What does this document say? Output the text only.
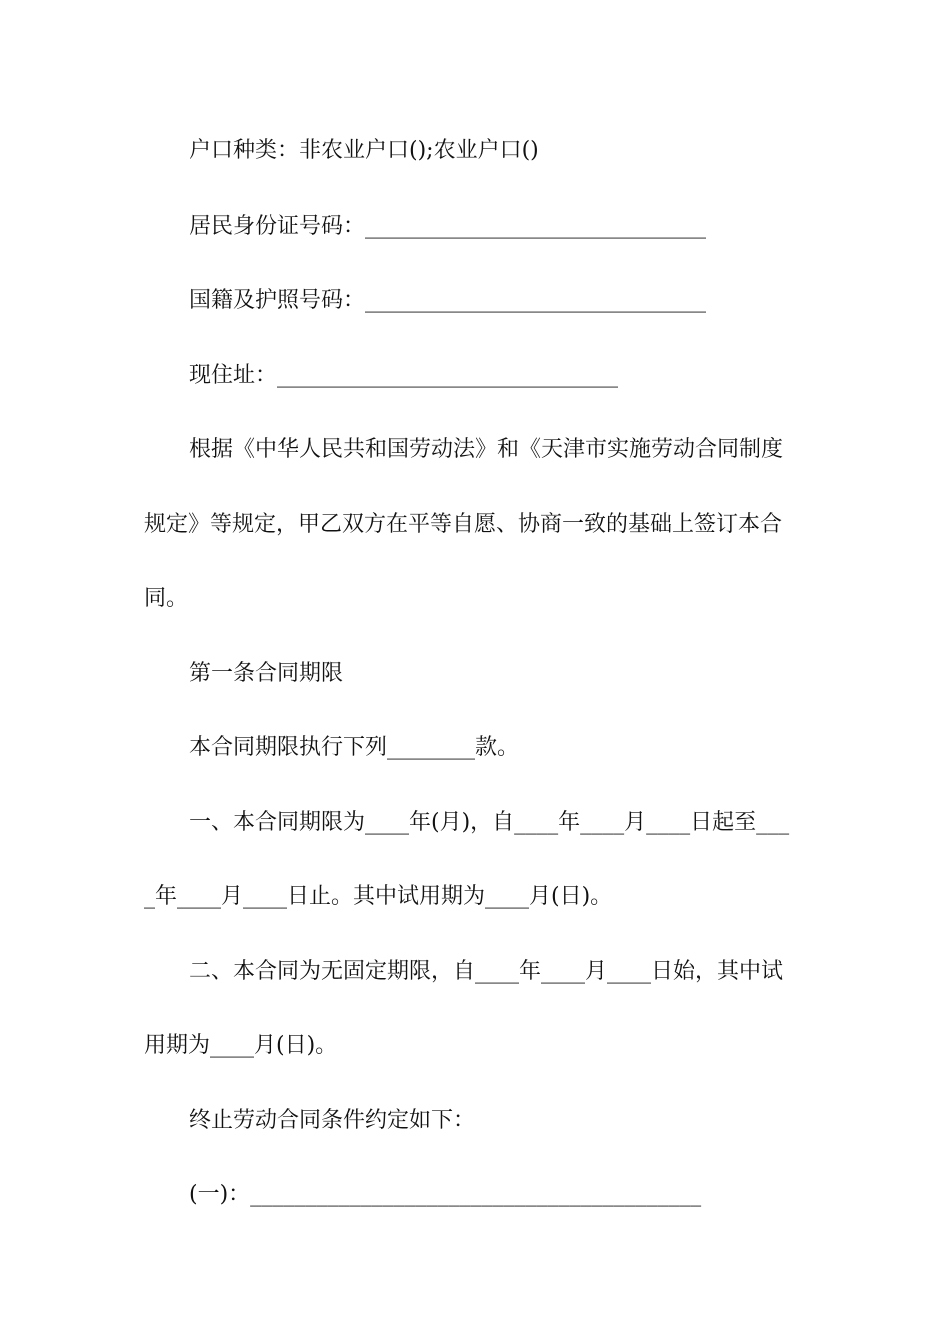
户口种类：非农业户口();农业户口()
居民身份证号码：_______________________________
国籍及护照号码：_______________________________
现住址：_______________________________
根据《中华人民共和国劳动法》和《天津市实施劳动合同制度
规定》等规定，甲乙双方在平等自愿、协商一致的基础上签订本合
同。
第一条合同期限
本合同期限执行下列________款。
一、本合同期限为____年(月)，自____年____月____日起至___
_年____月____日止。其中试用期为____月(日)。
二、本合同为无固定期限，自____年____月____日始，其中试
用期为____月(日)。
终止劳动合同条件约定如下：
(一)：_________________________________________
